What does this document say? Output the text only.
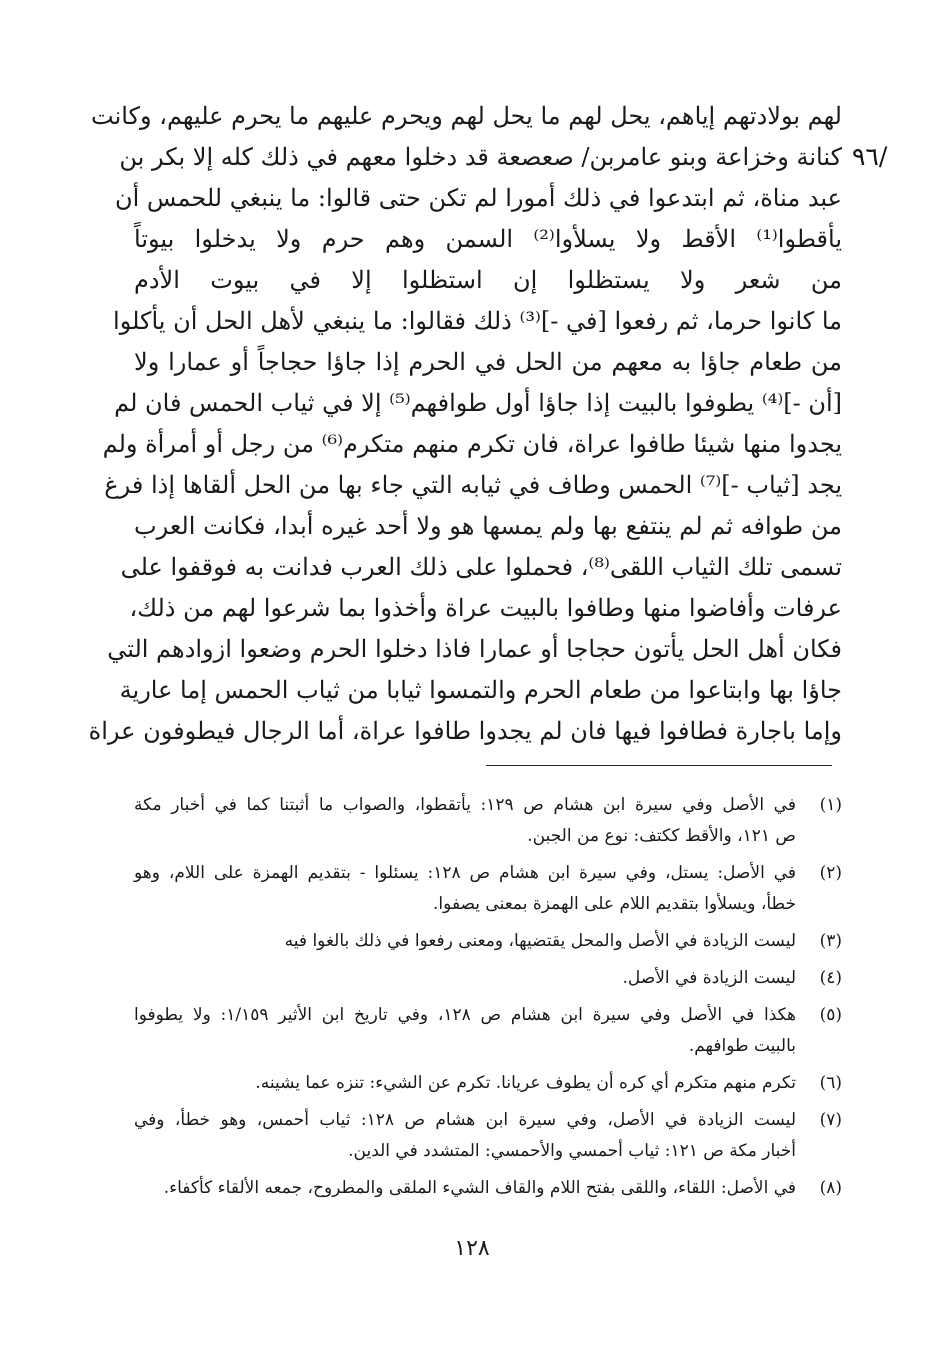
/٩٦
لهم بولادتهم إياهم، يحل لهم ما يحل لهم ويحرم عليهم ما يحرم عليهم، وكانت
كنانة وخزاعة وبنو عامربن/ صعصعة قد دخلوا معهم في ذلك كله إلا بكر بن
عبد مناة، ثم ابتدعوا في ذلك أمورا لم تكن حتى قالوا: ما ينبغي للحمس أن
يأقطوا⁽¹⁾ الأقط ولا يسلأوا⁽²⁾ السمن وهم حرم ولا يدخلوا بيوتاً
من شعر ولا يستظلوا إن استظلوا إلا في بيوت الأدم
ما كانوا حرما، ثم رفعوا [في -]⁽³⁾ ذلك فقالوا: ما ينبغي لأهل الحل أن يأكلوا
من طعام جاؤا به معهم من الحل في الحرم إذا جاؤا حجاجاً أو عمارا ولا
[أن -]⁽⁴⁾ يطوفوا بالبيت إذا جاؤا أول طوافهم⁽⁵⁾ إلا في ثياب الحمس فان لم
يجدوا منها شيئا طافوا عراة، فان تكرم منهم متكرم⁽⁶⁾ من رجل أو أمرأة ولم
يجد [ثياب -]⁽⁷⁾ الحمس وطاف في ثيابه التي جاء بها من الحل ألقاها إذا فرغ
من طوافه ثم لم ينتفع بها ولم يمسها هو ولا أحد غيره أبدا، فكانت العرب
تسمى تلك الثياب اللقى⁽⁸⁾، فحملوا على ذلك العرب فدانت به فوقفوا على
عرفات وأفاضوا منها وطافوا بالبيت عراة وأخذوا بما شرعوا لهم من ذلك،
فكان أهل الحل يأتون حجاجا أو عمارا فاذا دخلوا الحرم وضعوا ازوادهم التي
جاؤا بها وابتاعوا من طعام الحرم والتمسوا ثيابا من ثياب الحمس إما عارية
وإما باجارة فطافوا فيها فان لم يجدوا طافوا عراة، أما الرجال فيطوفون عراة
(١)
في الأصل وفي سيرة ابن هشام ص ١٢٩: يأتقطوا، والصواب ما أثبتنا كما في أخبار مكة
ص ١٢١، والأقط ككتف: نوع من الجبن.
(٢)
في الأصل: يستل، وفي سيرة ابن هشام ص ١٢٨: يسئلوا - بتقديم الهمزة على اللام، وهو
خطأ، ويسلأوا بتقديم اللام على الهمزة بمعنى يصفوا.
(٣)
ليست الزيادة في الأصل والمحل يقتضيها، ومعنى رفعوا في ذلك بالغوا فيه
(٤)
ليست الزيادة في الأصل.
(٥)
هكذا في الأصل وفي سيرة ابن هشام ص ١٢٨، وفي تاريخ ابن الأثير ١/١٥٩: ولا يطوفوا
بالبيت طوافهم.
(٦)
تكرم منهم متكرم أي كره أن يطوف عريانا. تكرم عن الشيء: تنزه عما يشينه.
(٧)
ليست الزيادة في الأصل، وفي سيرة ابن هشام ص ١٢٨: ثياب أحمس، وهو خطأ، وفي
أخبار مكة ص ١٢١: ثياب أحمسي والأحمسي: المتشدد في الدين.
(٨)
في الأصل: اللقاء، واللقى بفتح اللام والقاف الشيء الملقى والمطروح، جمعه الألقاء كأكفاء.
١٢٨
